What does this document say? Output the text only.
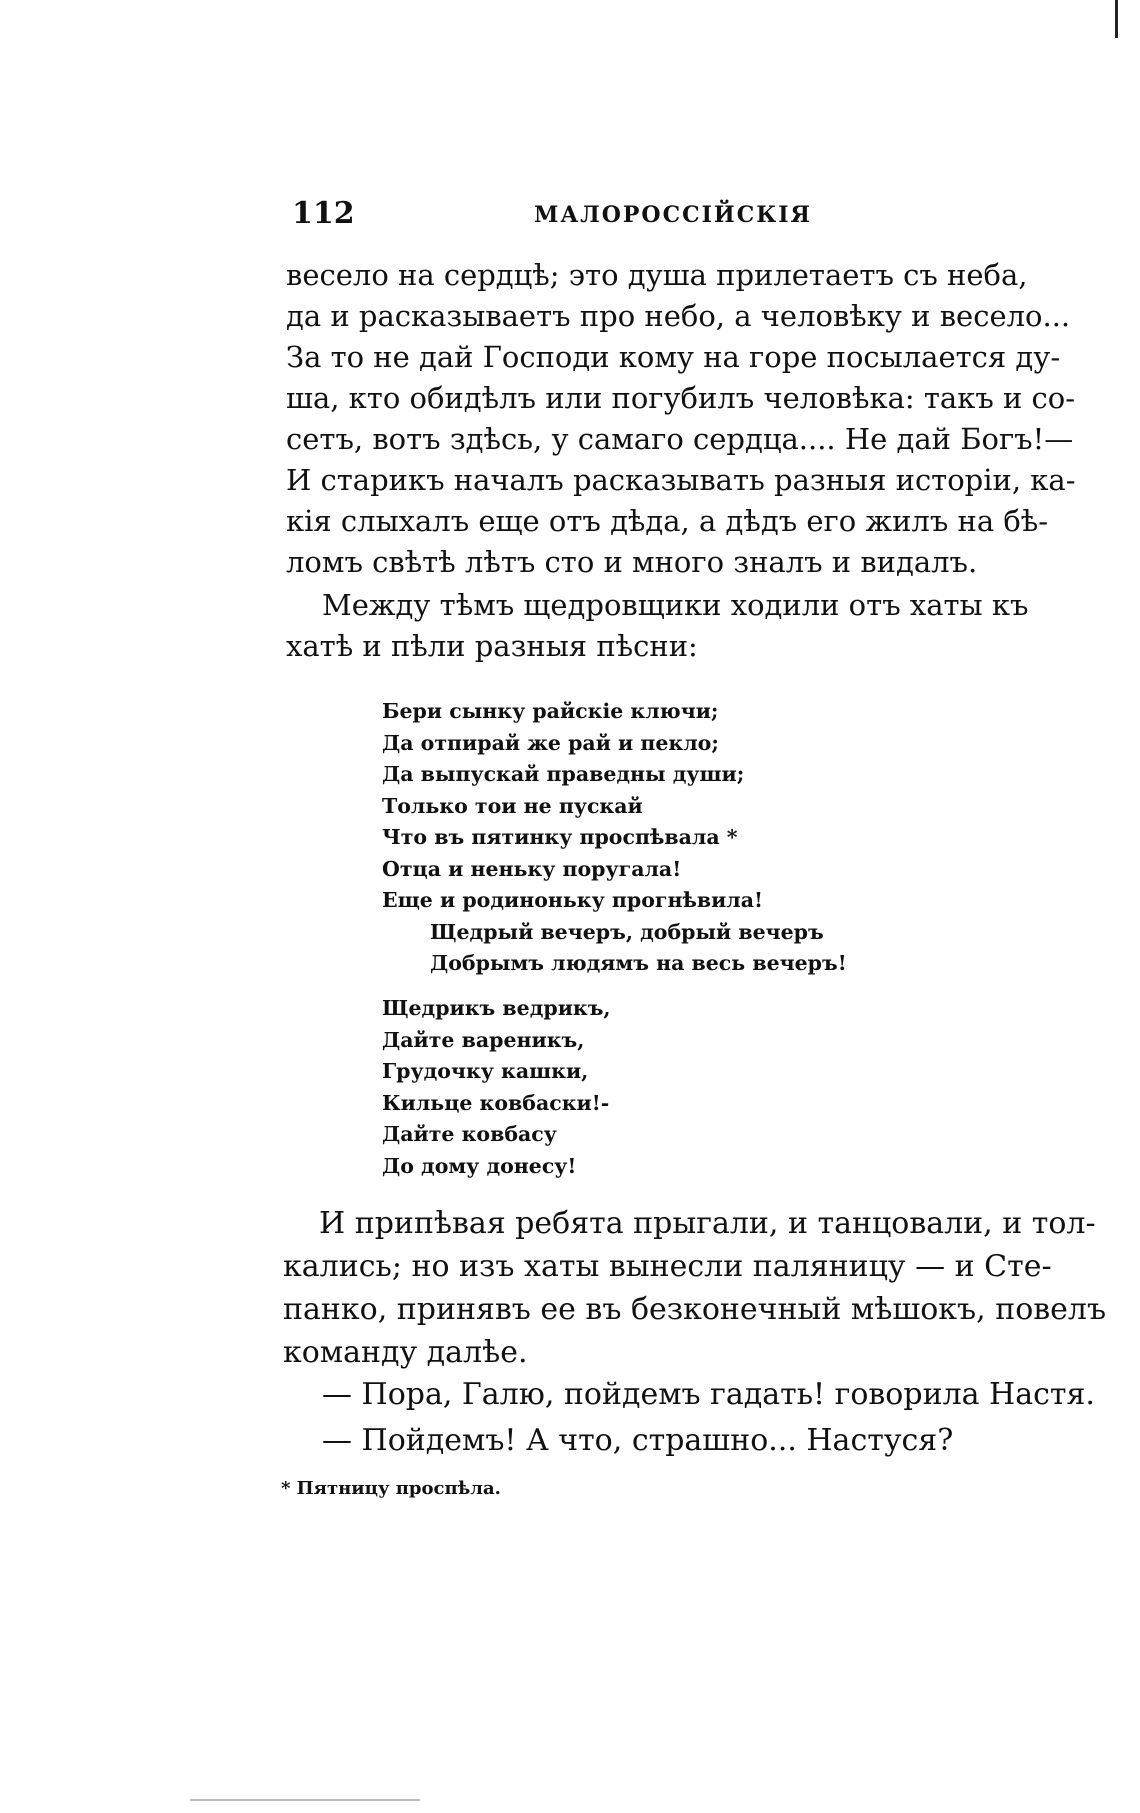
112	МАЛОРОССIЙСКIЯ
весело на сердцѣ; это душа прилетаетъ съ неба,
да и расказываетъ про небо, а человѣку и весело...
За то не дай Господи кому на горе посылается ду-
ша, кто обидѣлъ или погубилъ человѣка: такъ и со-
сетъ, вотъ здѣсь, у самаго сердца.... Не дай Богъ!—
И старикъ началъ расказывать разныя исторiи, ка-
кiя слыхалъ еще отъ дѣда, а дѣдъ его жилъ на бѣ-
ломъ свѣтѣ лѣтъ сто и много зналъ и видалъ.
Между тѣмъ щедровщики ходили отъ хаты къ
хатѣ и пѣли разныя пѣсни:
Бери сынку райскiе ключи;
Да отпирай же рай и пекло;
Да выпускай праведны души;
Только тои не пускай
Что въ пятинку проспѣвала *
Отца и неньку поругала!
Еще и родиноньку прогнѣвила!
Щедрый вечеръ, добрый вечеръ
Добрымъ людямъ на весь вечеръ!
Щедрикъ ведрикъ,
Дайте вареникъ,
Грудочку кашки,
Кильце ковбаски!-
Дайте ковбасу
До дому донесу!
И припѣвая ребята прыгали, и танцовали, и тол-
кались; но изъ хаты вынесли паляницу — и Сте-
панко, принявъ ее въ безконечный мѣшокъ, повелъ
команду далѣе.
— Пора, Галю, пойдемъ гадать! говорила Настя.
— Пойдемъ! А что, страшно... Настуся?
* Пятницу проспѣла.
